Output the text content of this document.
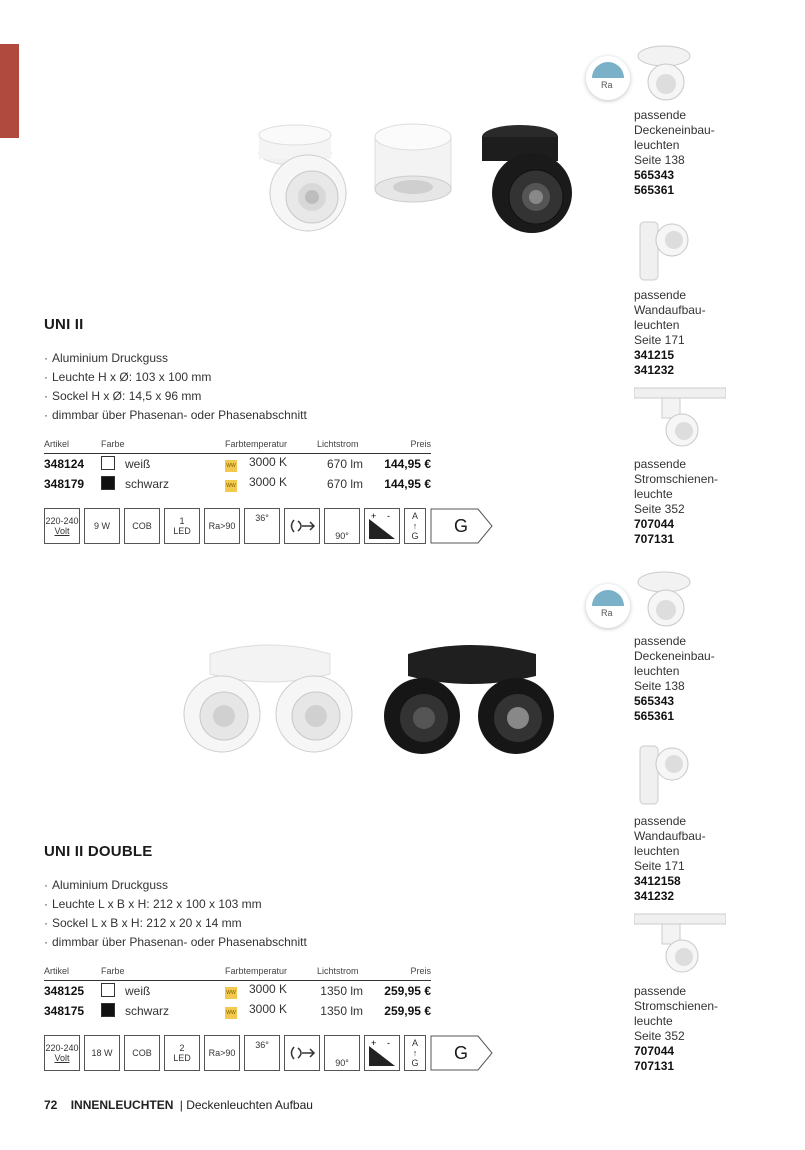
UNI II
· Aluminium Druckguss
· Leuchte H x Ø: 103 x 100 mm
· Sockel H x Ø: 14,5 x 96 mm
· dimmbar über Phasenan- oder Phasenabschnitt
Artikel	Farbe	Farbtemperatur	Lichtstrom	Preis
348124	weiß	WW 3000 K	670 lm	144,95 €
348179	schwarz	WW 3000 K	670 lm	144,95 €
220-240
Volt	9 W	COB	1
LED	Ra>90
36°
90°
+ - A
↑
G G
UNI II DOUBLE
· Aluminium Druckguss
· Leuchte L x B x H: 212 x 100 x 103 mm
· Sockel L x B x H: 212 x 20 x 14 mm
· dimmbar über Phasenan- oder Phasenabschnitt
Artikel	Farbe	Farbtemperatur	Lichtstrom	Preis
348125	weiß	WW 3000 K	1350 lm	259,95 €
348175	schwarz	WW 3000 K	1350 lm	259,95 €
220-240
Volt	18 W	COB	2
LED	Ra>90
36°
90°
+ - A
↑
G G
Ra
Ra
passende
Deckeneinbau-
leuchten
Seite 138
565343
565361
passende
Wandaufbau-
leuchten
Seite 171
341215
341232
passende
Stromschienen-
leuchte
Seite 352
707044
707131
passende
Deckeneinbau-
leuchten
Seite 138
565343
565361
passende
Wandaufbau-
leuchten
Seite 171
3412158
341232
passende
Stromschienen-
leuchte
Seite 352
707044
707131
72 INNENLEUCHTEN | Deckenleuchten Aufbau
